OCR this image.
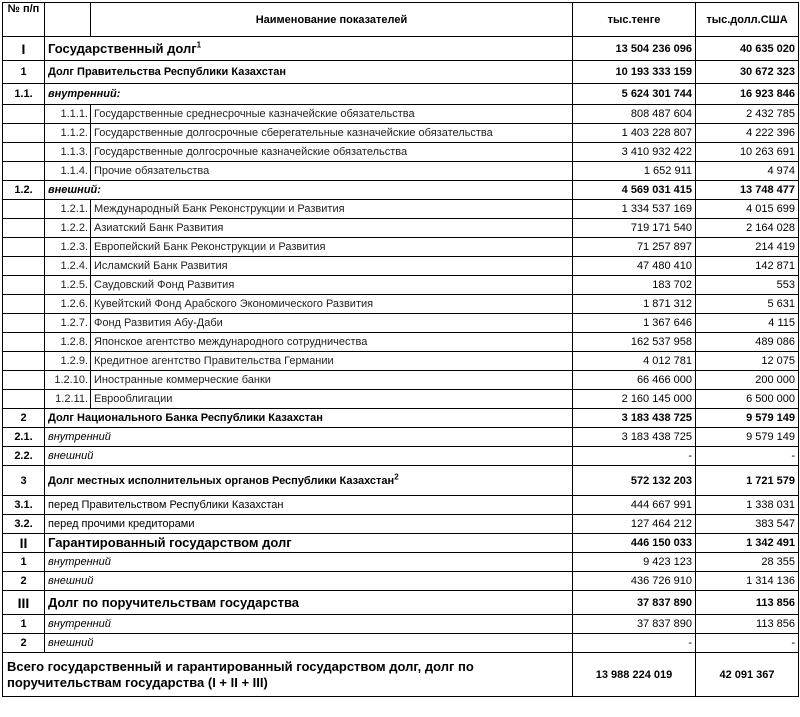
№ п/п		Наименование показателей	тыс.тенге	тыс.долл.США
I	Государственный долг$^1$		13 504 236 096	40 635 020
1	Долг Правительства Республики Казахстан		10 193 333 159	30 672 323
1.1.	внутренний:		5 624 301 744	16 923 846
	1.1.1.	Государственные среднесрочные казначейские обязательства	808 487 604	2 432 785
	1.1.2.	Государственные долгосрочные сберегательные казначейские обязательства	1 403 228 807	4 222 396
	1.1.3.	Государственные долгосрочные казначейские обязательства	3 410 932 422	10 263 691
	1.1.4.	Прочие обязательства	1 652 911	4 974
1.2.	внешний:		4 569 031 415	13 748 477
	1.2.1.	Международный Банк Реконструкции и Развития	1 334 537 169	4 015 699
	1.2.2.	Азиатский Банк Развития	719 171 540	2 164 028
	1.2.3.	Европейский Банк Реконструкции и Развития	71 257 897	214 419
	1.2.4.	Исламский Банк Развития	47 480 410	142 871
	1.2.5.	Саудовский Фонд Развития	183 702	553
	1.2.6.	Кувейтский Фонд Арабского Экономического Развития	1 871 312	5 631
	1.2.7.	Фонд Развития Абу-Даби	1 367 646	4 115
	1.2.8.	Японское агентство международного сотрудничества	162 537 958	489 086
	1.2.9.	Кредитное агентство Правительства Германии	4 012 781	12 075
	1.2.10.	Иностранные коммерческие банки	66 466 000	200 000
	1.2.11.	Еврооблигации	2 160 145 000	6 500 000
2	Долг Национального Банка Республики Казахстан		3 183 438 725	9 579 149
2.1.	внутренний		3 183 438 725	9 579 149
2.2.	внешний		-	-
3	Долг местных исполнительных органов Республики Казахстан$^2$		572 132 203	1 721 579
3.1.	перед Правительством Республики Казахстан		444 667 991	1 338 031
3.2.	перед прочими кредиторами		127 464 212	383 547
II	Гарантированный государством долг		446 150 033	1 342 491
1	внутренний		9 423 123	28 355
2	внешний		436 726 910	1 314 136
III	Долг по поручительствам государства		37 837 890	113 856
1	внутренний		37 837 890	113 856
2	внешний		-	-
Всего государственный и гарантированный государством долг, долг по поручительствам государства (I + II + III)			13 988 224 019	42 091 367
